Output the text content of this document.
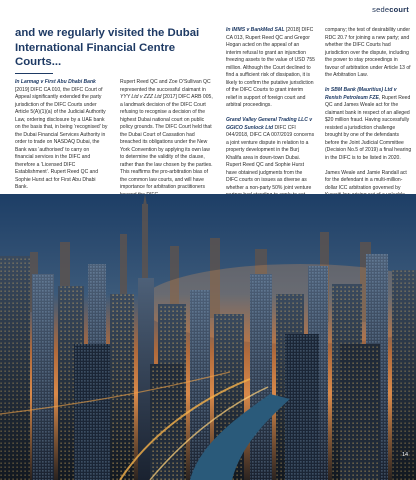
sedecourt
and we regularly visited the Dubai International Financial Centre Courts...

In Larmag v First Abu Dhabi Bank [2019] DIFC CA 010, the DIFC Court of Appeal significantly extended the party jurisdiction of the DIFC Courts under Article 5(A)(1)(a) of the Judicial Authority Law, ordering disclosure by a UAE bank on the basis that, in being ‘recognised’ by the Dubai Financial Services Authority in order to trade on NASDAQ Dubai, the Bank was ‘authorised’ to carry on financial services in the DIFC and therefore a ‘Licensed DIFC Establishment’. Rupert Reed QC and Sophie Hurst act for First Abu Dhabi Bank.

Rupert Reed QC and Zoe O’Sullivan QC represented the successful claimant in YYY Ltd v ZZZ Ltd [2017] DIFC ARB 005, a landmark decision of the DIFC Court refusing to recognise a decision of the highest Dubai national court on public policy grounds. The DIFC Court held that the Dubai Court of Cassation had breached its obligations under the New York Convention by applying its own law to determine the validity of the clause, rather than the law chosen by the parties. This reaffirms the pro-arbitration bias of the common law courts, and will have importance for arbitration practitioners

In IMMS v BankMed SAL [2018] DIFC CA 013, Rupert Reed QC and Gregor Hogan acted on the appeal of an interim refusal to grant an injunction freezing assets to the value of USD 755 million. Although the Court declined to find a sufficient risk of dissipation, it is likely to confirm the putative jurisdiction of the DIFC Courts to grant interim relief in support of foreign court and arbitral proceedings.

Grand Valley General Trading LLC v GGICO Sunlock Ltd DIFC CFI 044/2018, DIFC CA 007/2019 concerns a joint venture dispute in relation to a property development in the Burj Khalifa area in down-town Dubai. Rupert Reed QC and Sophie Hurst have obtained judgments from the DIFC courts on issues as diverse as whether a non-party 50% joint venture

company; the test of desirability under RDC 20.7 for joining a new party; and whether the DIFC Courts had jurisdiction over the dispute, including the power to stay proceedings in favour of arbitration under Article 13 of the Arbitration Law.

In SBM Bank (Mauritius) Ltd v Renish Petroleum FZE, Rupert Reed QC and James Weale act for the claimant bank in respect of an alleged $20 million fraud. Having successfully resisted a jurisdiction challenge brought by one of the defendants before the Joint Judicial Committee (Decision No.5 of 2019) a final hearing in the DIFC is to be listed in 2020.

James Weale and Jamie Randall act for the defendant in a multi-million-dollar ICC arbitration governed by

14
